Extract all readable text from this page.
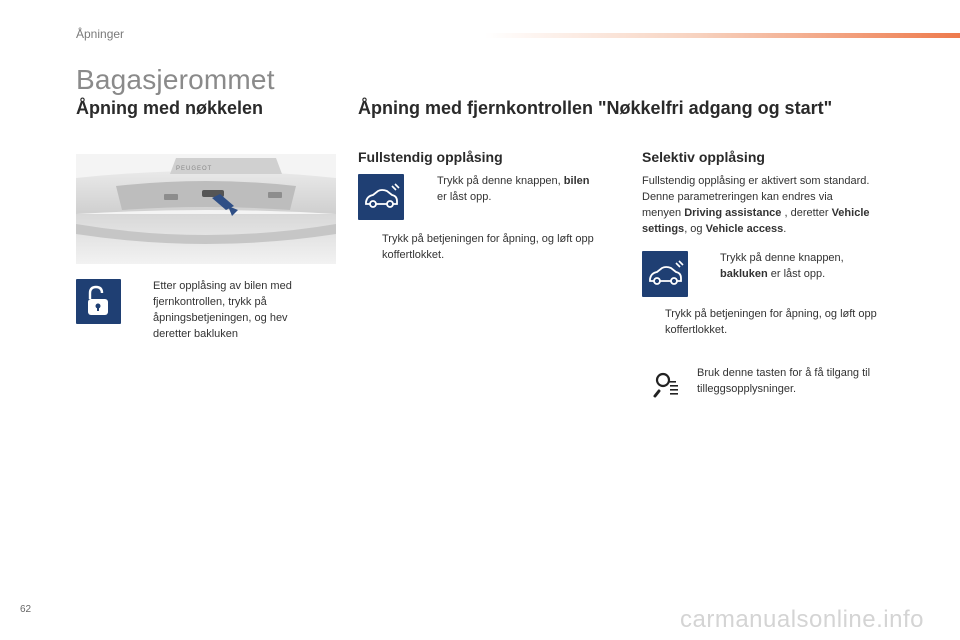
Åpninger
Bagasjerommet
Åpning med nøkkelen
PEUGEOT
Etter opplåsing av bilen med
fjernkontrollen, trykk på
åpningsbetjeningen, og hev
deretter bakluken
Åpning med fjernkontrollen "Nøkkelfri adgang og start"
Fullstendig opplåsing
Trykk på denne knappen, bilen
er låst opp.
Trykk på betjeningen for åpning, og løft opp
koffertlokket.
Selektiv opplåsing
Fullstendig opplåsing er aktivert som standard.
Denne parametreringen kan endres via
menyen Driving assistance , deretter Vehicle
settings, og Vehicle access.
Trykk på denne knappen,
bakluken er låst opp.
Trykk på betjeningen for åpning, og løft opp
koffertlokket.
Bruk denne tasten for å få tilgang til
tilleggsopplysninger.
62	carmanualsonline.info
